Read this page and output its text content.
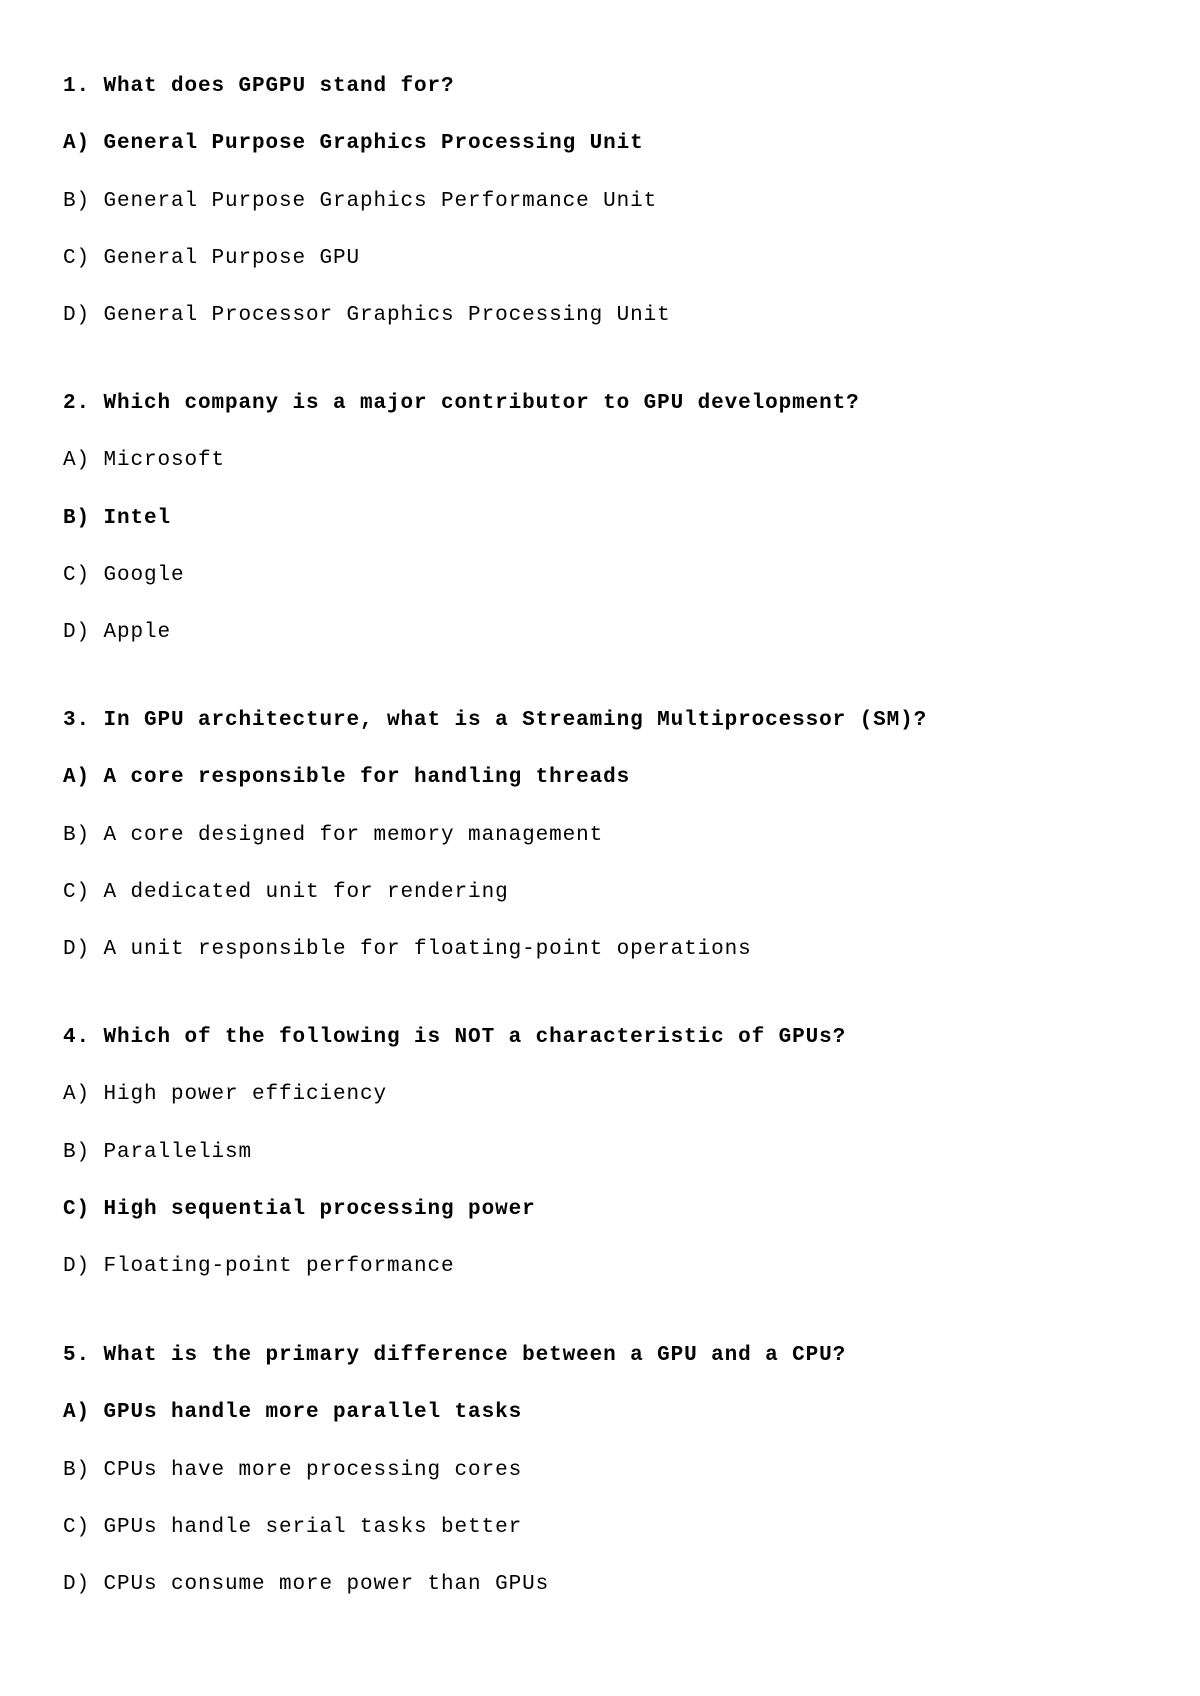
1. What does GPGPU stand for?
A) General Purpose Graphics Processing Unit
B) General Purpose Graphics Performance Unit
C) General Purpose GPU
D) General Processor Graphics Processing Unit
2. Which company is a major contributor to GPU development?
A) Microsoft
B) Intel
C) Google
D) Apple
3. In GPU architecture, what is a Streaming Multiprocessor (SM)?
A) A core responsible for handling threads
B) A core designed for memory management
C) A dedicated unit for rendering
D) A unit responsible for floating-point operations
4. Which of the following is NOT a characteristic of GPUs?
A) High power efficiency
B) Parallelism
C) High sequential processing power
D) Floating-point performance
5. What is the primary difference between a GPU and a CPU?
A) GPUs handle more parallel tasks
B) CPUs have more processing cores
C) GPUs handle serial tasks better
D) CPUs consume more power than GPUs
